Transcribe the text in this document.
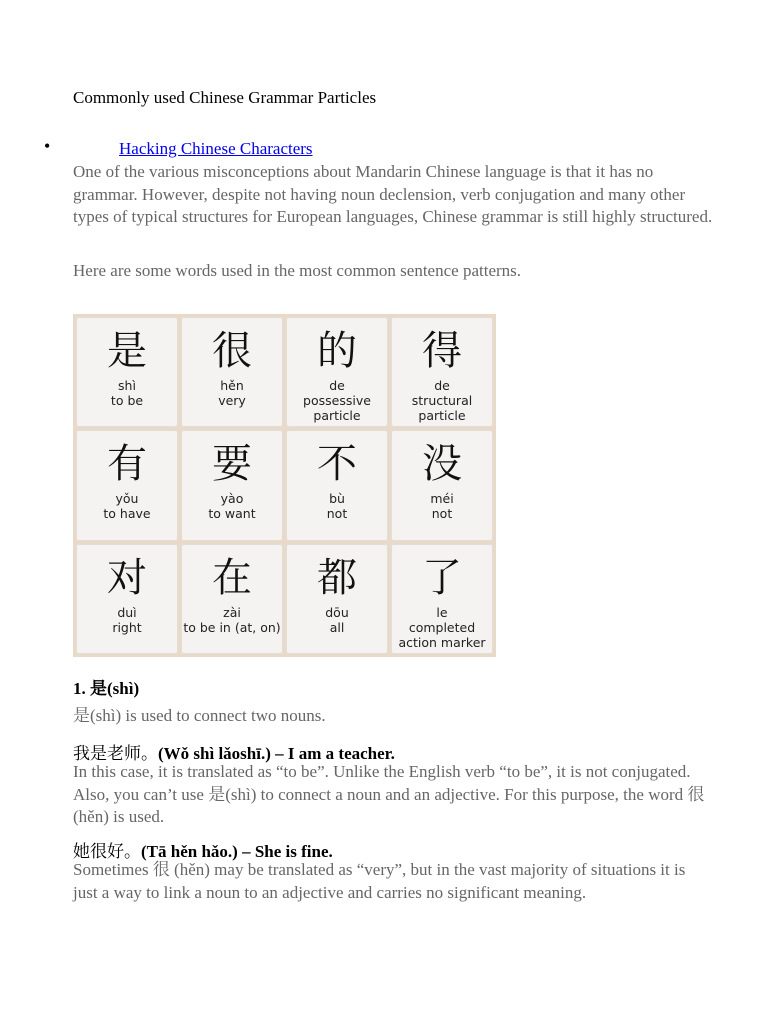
Commonly used Chinese Grammar Particles
•	Hacking Chinese Characters
One of the various misconceptions about Mandarin Chinese language is that it has no grammar. However, despite not having noun declension, verb conjugation and many other types of typical structures for European languages, Chinese grammar is still highly structured.
Here are some words used in the most common sentence patterns.
是
shì
to be
很
hěn
very
的
de
possessive
particle
得
de
structural
particle
有
yǒu
to have
要
yào
to want
不
bù
not
没
méi
not
对
duì
right
在
zài
to be in (at, on)
都
dōu
all
了
le
completed
action marker
1. 是(shì)
是(shì) is used to connect two nouns.
我是老师。(Wǒ shì lǎoshī.) – I am a teacher.
In this case, it is translated as “to be”. Unlike the English verb “to be”, it is not conjugated. Also, you can’t use 是(shì) to connect a noun and an adjective. For this purpose, the word 很(hěn) is used.
她很好。(Tā hěn hǎo.) – She is fine.
Sometimes 很 (hěn) may be translated as “very”, but in the vast majority of situations it is just a way to link a noun to an adjective and carries no significant meaning.
